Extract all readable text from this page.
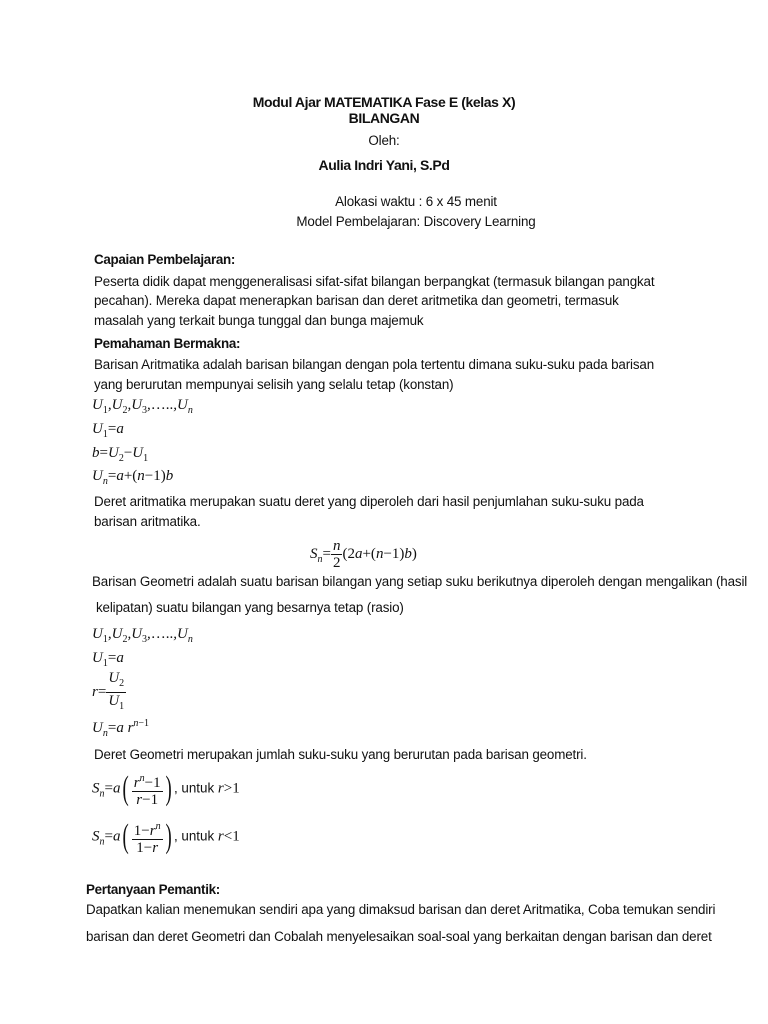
Modul Ajar MATEMATIKA Fase E (kelas X)
BILANGAN
Oleh:
Aulia Indri Yani, S.Pd
Alokasi waktu : 6 x 45 menit
Model Pembelajaran: Discovery Learning
Capaian Pembelajaran:
Peserta didik dapat menggeneralisasi sifat-sifat bilangan berpangkat (termasuk bilangan pangkat
pecahan). Mereka dapat menerapkan barisan dan deret aritmetika dan geometri, termasuk
masalah yang terkait bunga tunggal dan bunga majemuk
Pemahaman Bermakna:
Barisan Aritmatika adalah barisan bilangan dengan pola tertentu dimana suku-suku pada barisan
yang berurutan mempunyai selisih yang selalu tetap (konstan)
$U_1,U_2,U_3,\dots..,U_n$
$U_1=a$
$b=U_2-U_1$
$U_n=a+(n-1)b$
Deret aritmatika merupakan suatu deret yang diperoleh dari hasil penjumlahan suku-suku pada
barisan aritmatika.
$S_n= \frac{n}{2} (2a+(n-1)b)$
Barisan Geometri adalah suatu barisan bilangan yang setiap suku berikutnya diperoleh dengan mengalikan (hasil
kelipatan) suatu bilangan yang besarnya tetap (rasio)
$U_1,U_2,U_3,\dots..,U_n$
$U_1=a$
$r= \frac{U_2}{U_1}$
$U_n=a$ $r^{n-1}$
Deret Geometri merupakan jumlah suku-suku yang berurutan pada barisan geometri.
$S_n=a( \frac{r^n-1}{r-1}$ ) , untuk r>1
$S_n=a( \frac{1-r^n}{1-r}$ ) , untuk r<1
Pertanyaan Pemantik:
Dapatkan kalian menemukan sendiri apa yang dimaksud barisan dan deret Aritmatika, Coba temukan sendiri
barisan dan deret Geometri dan Cobalah menyelesaikan soal-soal yang berkaitan dengan barisan dan deret
